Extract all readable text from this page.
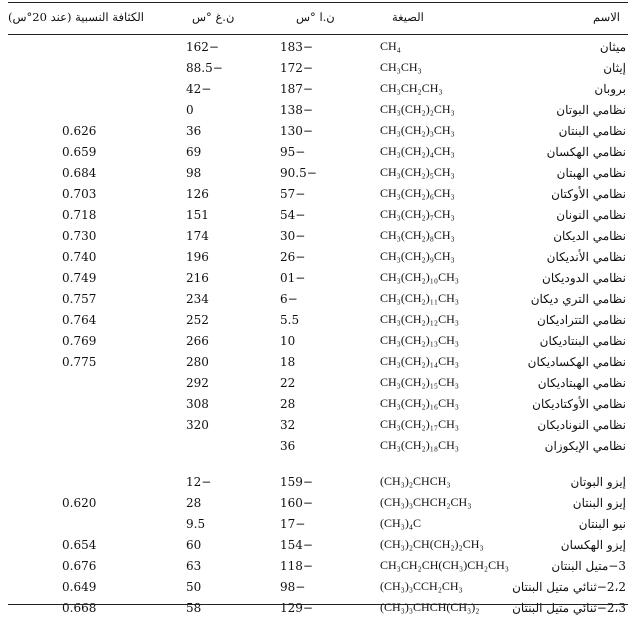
الكثافة النسبية (عند 20°س)	ن.غ °س	ن.ا °س	الصيغة	الاسم
	162−	183−	CH₄	ميثان
	88.5−	172−	CH₃CH₃	إيثان
	42−	187−	CH₃CH₂CH₃	بروبان
	0	138−	CH₃(CH₂)₂CH₃	نظامي البوتان
0.626	36	130−	CH₃(CH₂)₃CH₃	نظامي البنتان
0.659	69	95−	CH₃(CH₂)₄CH₃	نظامي الهكسان
0.684	98	90.5−	CH₃(CH₂)₅CH₃	نظامي الهبتان
0.703	126	57−	CH₃(CH₂)₆CH₃	نظامي الأوكتان
0.718	151	54−	CH₃(CH₂)₇CH₃	نظامي النونان
0.730	174	30−	CH₃(CH₂)₈CH₃	نظامي الديكان
0.740	196	26−	CH₃(CH₂)₉CH₃	نظامي الأنديكان
0.749	216	01−	CH₃(CH₂)₁₀CH₃	نظامي الدوديكان
0.757	234	6−	CH₃(CH₂)₁₁CH₃	نظامي التري ديكان
0.764	252	5.5	CH₃(CH₂)₁₂CH₃	نظامي التتراديكان
0.769	266	10	CH₃(CH₂)₁₃CH₃	نظامي البنتاديكان
0.775	280	18	CH₃(CH₂)₁₄CH₃	نظامي الهكساديكان
	292	22	CH₃(CH₂)₁₅CH₃	نظامي الهبتاديكان
	308	28	CH₃(CH₂)₁₆CH₃	نظامي الأوكتاديكان
	320	32	CH₃(CH₂)₁₇CH₃	نظامي النوناديكان
		36	CH₃(CH₂)₁₈CH₃	نظامي الإيكوزان

	12−	159−	(CH₃)₂CHCH₃	إيزو البوتان
0.620	28	160−	(CH₃)₃CHCH₂CH₃	إيزو البنتان
	9.5	17−	(CH₃)₄C	نيو البنتان
0.654	60	154−	(CH₃)₂CH(CH₂)₂CH₃	إيزو الهكسان
0.676	63	118−	CH₃CH₂CH(CH₃)CH₂CH₃	3−متيل البنتان
0.649	50	98−	(CH₃)₃CCH₂CH₃	2،2−ثنائي متيل البنتان
0.668	58	129−	(CH₃)₃CHCH(CH₃)₂	2،3−ثنائي متيل البنتان
